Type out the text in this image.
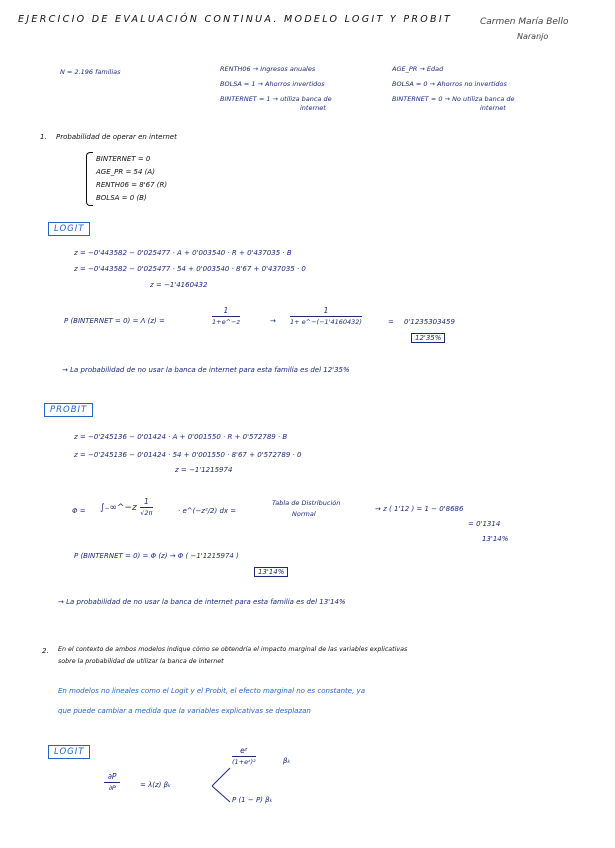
EJERCICIO DE EVALUACIÓN CONTINUA. MODELO LOGIT Y PROBIT	Carmen María Bello
Naranjo
N = 2.196 familias	RENTH06 → Ingresos anuales
BOLSA = 1 → Ahorros invertidos
BINTERNET = 1 → utiliza banca de
internet
AGE_PR → Edad
BOLSA = 0 → Ahorros no invertidos
BINTERNET = 0 → No utiliza banca de
internet
1. Probabilidad de operar en internet
BINTERNET = 0
AGE_PR = 54 (A)
RENTH06 = 8'67 (R)
BOLSA = 0 (B)
LOGIT
z = −0'443582 − 0'025477 · A + 0'003540 · R + 0'437035 · B
z = −0'443582 − 0'025477 · 54 + 0'003540 · 8'67 + 0'437035 · 0
z = −1'4160432
P (BINTERNET = 0) = Λ (z) =	$\frac{1}{1+e\^{}-z}$	→ $\frac{1}{1+ e\^{}-(-1'4160432)}$	= 0'1235303459
12'35%
→ La probabilidad de no usar la banca de internet para esta familia es del 12'35%
PROBIT
z = −0'245136 − 0'01424 · A + 0'001550 · R + 0'572789 · B
z = −0'245136 − 0'01424 · 54 + 0'001550 · 8'67 + 0'572789 · 0
z = −1'1215974
Φ = ∫₋∞^−z $\frac{1}{√2\pi}$	· e^(−z²/2) dx =
Tabla de Distribución
Normal
→ z ( 1'12 ) = 1 − 0'8686
= 0'1314
13'14%
P (BINTERNET = 0) = Φ (z) → Φ ( −1'1215974 )
13'14%
→ La probabilidad de no usar la banca de internet para esta familia es del 13'14%
2. En el contexto de ambos modelos indique cómo se obtendría el impacto marginal de las variables explicativas
sobre la probabilidad de utilizar la banca de internet
En modelos no lineales como el Logit y el Probit, el efecto marginal no es constante, ya
que puede cambiar a medida que la variables explicativas se desplazan
LOGIT
$\frac{\partial P}{\partial P}$	= λ(z) βₖ
$\frac{\text{eᶻ}}{\text{(1+eᶻ)²}}$	βₖ
P (1 − P) βₖ
